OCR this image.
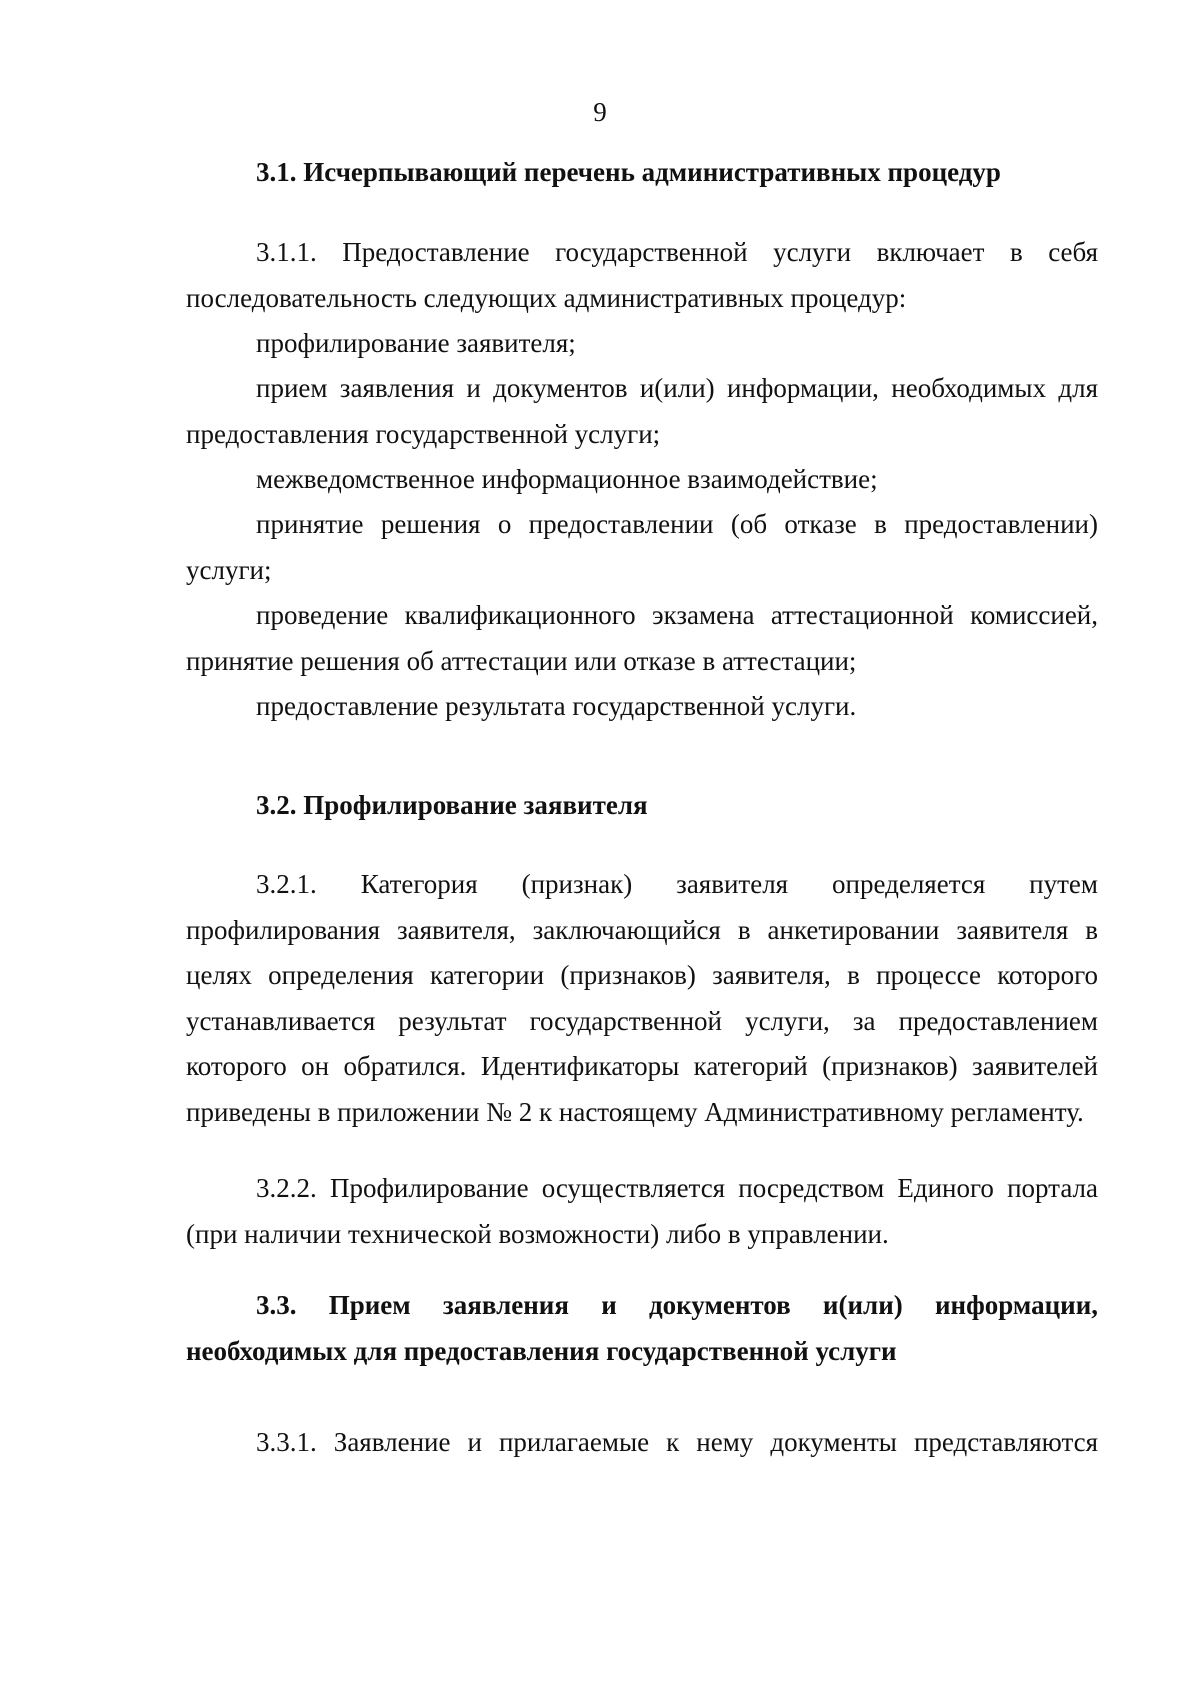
9
3.1. Исчерпывающий перечень административных процедур
3.1.1. Предоставление государственной услуги включает в себя последовательность следующих административных процедур:
профилирование заявителя;
прием заявления и документов и(или) информации, необходимых для предоставления государственной услуги;
межведомственное информационное взаимодействие;
принятие решения о предоставлении (об отказе в предоставлении) услуги;
проведение квалификационного экзамена аттестационной комиссией, принятие решения об аттестации или отказе в аттестации;
предоставление результата государственной услуги.
3.2. Профилирование заявителя
3.2.1. Категория (признак) заявителя определяется путем профилирования заявителя, заключающийся в анкетировании заявителя в целях определения категории (признаков) заявителя, в процессе которого устанавливается результат государственной услуги, за предоставлением которого он обратился. Идентификаторы категорий (признаков) заявителей приведены в приложении № 2 к настоящему Административному регламенту.
3.2.2. Профилирование осуществляется посредством Единого портала (при наличии технической возможности) либо в управлении.
3.3. Прием заявления и документов и(или) информации, необходимых для предоставления государственной услуги
3.3.1. Заявление и прилагаемые к нему документы представляются
